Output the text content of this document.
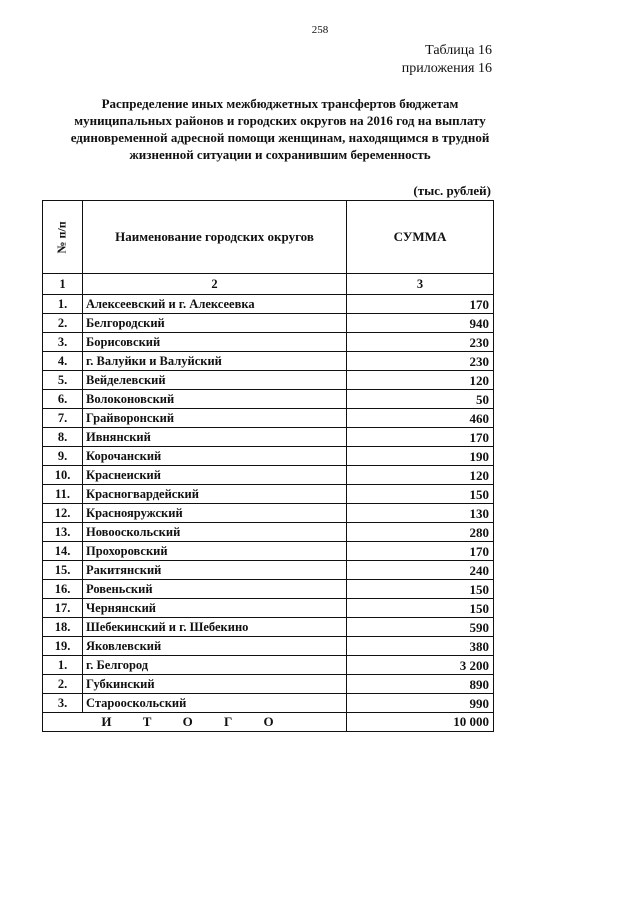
258
Таблица 16
приложения 16
Распределение иных межбюджетных трансфертов бюджетам муниципальных районов и городских округов на 2016 год на выплату единовременной адресной помощи женщинам, находящимся в трудной жизненной ситуации и сохранившим беременность
(тыс. рублей)
№ п/п	Наименование городских округов	СУММА
1	2	3
1.	Алексеевский и г. Алексеевка	170
2.	Белгородский	940
3.	Борисовский	230
4.	г. Валуйки и Валуйский	230
5.	Вейделевский	120
6.	Волоконовский	50
7.	Грайворонский	460
8.	Ивнянский	170
9.	Корочанский	190
10.	Краснеиский	120
11.	Красногвардейский	150
12.	Краснояружский	130
13.	Новооскольский	280
14.	Прохоровский	170
15.	Ракитянский	240
16.	Ровеньский	150
17.	Чернянский	150
18.	Шебекинский и г. Шебекино	590
19.	Яковлевский	380
1.	г. Белгород	3 200
2.	Губкинский	890
3.	Старооскольский	990
И Т О Г О		10 000
